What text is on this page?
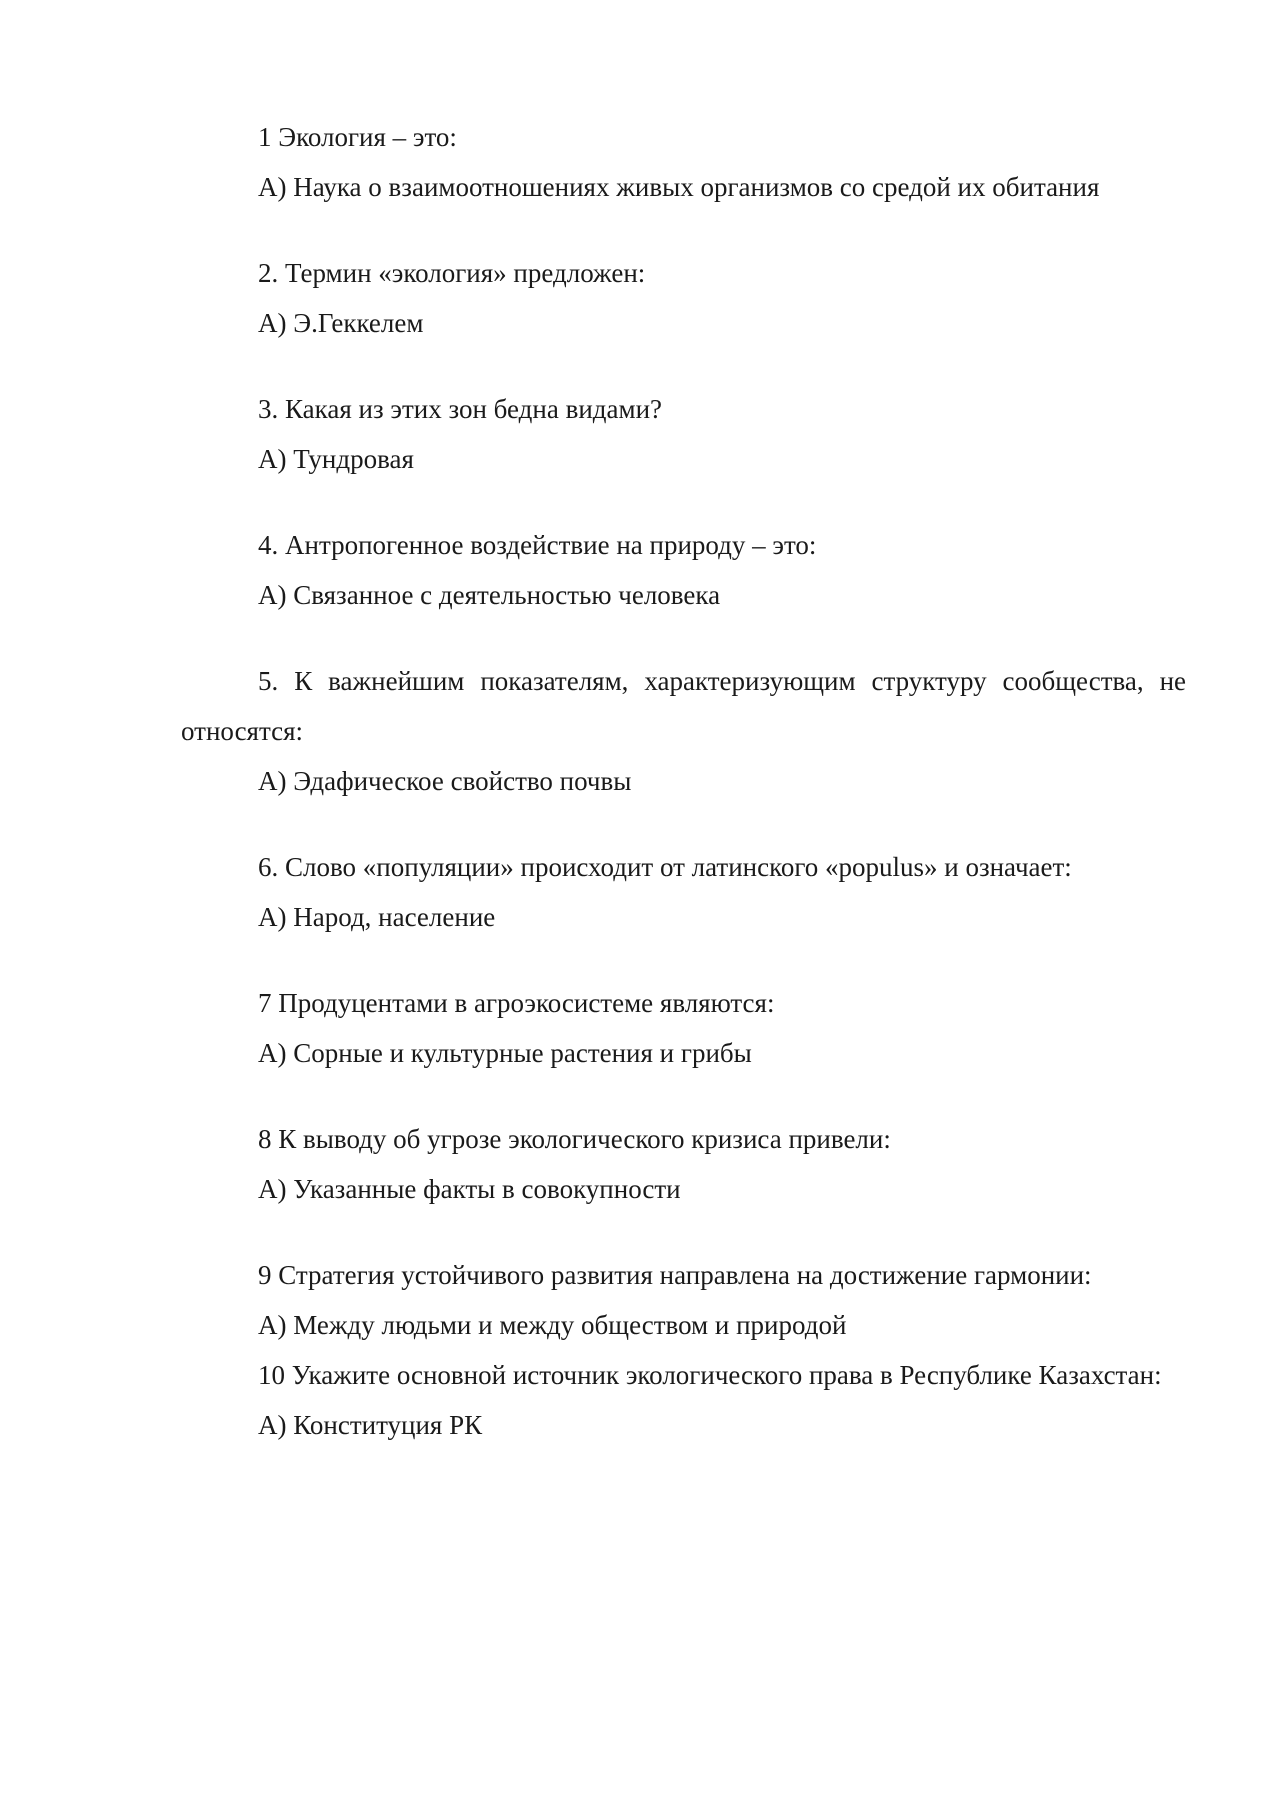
1 Экология – это:

А) Наука о взаимоотношениях живых организмов со средой их обитания

2. Термин «экология» предложен:

А) Э.Геккелем

3. Какая из этих зон бедна видами?

А) Тундровая

4. Антропогенное воздействие на природу – это:

А) Связанное с деятельностью человека

5. К важнейшим показателям, характеризующим структуру сообщества, не относятся:

А) Эдафическое свойство почвы

6. Слово «популяции» происходит от латинского «populus» и означает:

А) Народ, население

7 Продуцентами в агроэкосистеме являются:

А) Сорные и культурные растения и грибы

8 К выводу об угрозе экологического кризиса привели:

А) Указанные факты в совокупности

9 Стратегия устойчивого развития направлена на достижение гармонии:

А) Между людьми и между обществом и природой

10 Укажите основной источник экологического права в Республике Казахстан:

А) Конституция РК
